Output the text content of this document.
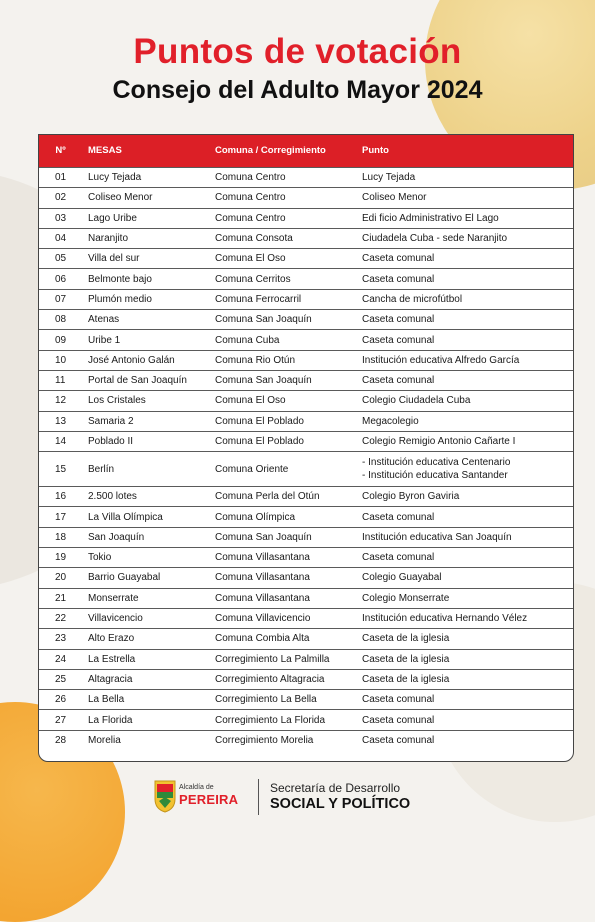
Puntos de votación
Consejo del Adulto Mayor 2024
Nº	MESAS	Comuna / Corregimiento	Punto
01	Lucy Tejada	Comuna Centro	Lucy Tejada
02	Coliseo Menor	Comuna Centro	Coliseo Menor
03	Lago Uribe	Comuna Centro	Edi ficio Administrativo El Lago
04	Naranjito	Comuna Consota	Ciudadela Cuba - sede Naranjito
05	Villa del sur	Comuna El Oso	Caseta comunal
06	Belmonte bajo	Comuna Cerritos	Caseta comunal
07	Plumón medio	Comuna Ferrocarril	Cancha de microfútbol
08	Atenas	Comuna San Joaquín	Caseta comunal
09	Uribe 1	Comuna Cuba	Caseta comunal
10	José Antonio Galán	Comuna Rio Otún	Institución educativa Alfredo García
11	Portal de San Joaquín	Comuna San Joaquín	Caseta comunal
12	Los Cristales	Comuna El Oso	Colegio Ciudadela Cuba
13	Samaria 2	Comuna El Poblado	Megacolegio
14	Poblado II	Comuna El Poblado	Colegio Remigio Antonio Cañarte I
15	Berlín	Comuna Oriente	- Institución educativa Centenario
- Institución educativa Santander

16	2.500 lotes	Comuna Perla del Otún	Colegio Byron Gaviria
17	La Villa Olímpica	Comuna Olímpica	Caseta comunal
18	San Joaquín	Comuna San Joaquín	Institución educativa San Joaquín
19	Tokio	Comuna Villasantana	Caseta comunal
20	Barrio Guayabal	Comuna Villasantana	Colegio Guayabal
21	Monserrate	Comuna Villasantana	Colegio Monserrate
22	Villavicencio	Comuna Villavicencio	Institución educativa Hernando Vélez
23	Alto Erazo	Comuna Combia Alta	Caseta de la iglesia
24	La Estrella	Corregimiento La Palmilla	Caseta de la iglesia
25	Altagracia	Corregimiento Altagracia	Caseta de la iglesia
26	La Bella	Corregimiento La Bella	Caseta comunal
27	La Florida	Corregimiento La Florida	Caseta comunal
28	Morelia	Corregimiento Morelia	Caseta comunal
Alcaldía de
PEREIRA
Secretaría de Desarrollo
SOCIAL Y POLÍTICO
